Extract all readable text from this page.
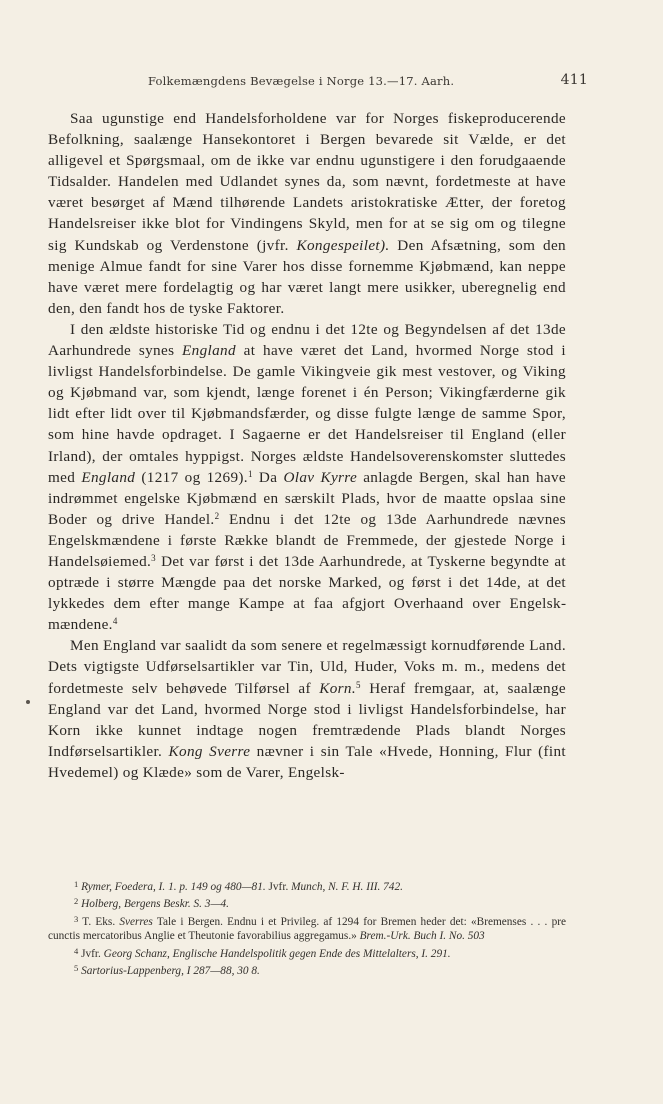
Folkemængdens Bevægelse i Norge 13.—17. Aarh.	411

Saa ugunstige end Handelsforholdene var for Norges fiskeproducerende Befolkning, saalænge Hansekontoret i Bergen bevarede sit Vælde, er det alligevel et Spørgsmaal, om de ikke var endnu ugunstigere i den forudgaaende Tidsalder. Handelen med Udlandet synes da, som nævnt, fordetmeste at have været besørget af Mænd tilhørende Landets aristokratiske Ætter, der foretog Handelsreiser ikke blot for Vindingens Skyld, men for at se sig om og tilegne sig Kundskab og Verdenstone (jvfr. Kongespeilet). Den Afsætning, som den menige Almue fandt for sine Varer hos disse fornemme Kjøbmænd, kan neppe have været mere fordelagtig og har været langt mere usikker, uberegnelig end den, den fandt hos de tyske Faktorer.

I den ældste historiske Tid og endnu i det 12te og Begyndelsen af det 13de Aarhundrede synes England at have været det Land, hvormed Norge stod i livligst Handelsforbindelse. De gamle Vikingveie gik mest vestover, og Viking og Kjøbmand var, som kjendt, længe forenet i én Person; Vikingfærderne gik lidt efter lidt over til Kjøbmandsfærder, og disse fulgte længe de samme Spor, som hine havde opdraget. I Sagaerne er det Handelsreiser til England (eller Irland), der omtales hyppigst. Norges ældste Handelsoverenskomster sluttedes med England (1217 og 1269).$^1$ Da Olav Kyrre anlagde Bergen, skal han have indrømmet engelske Kjøbmænd en særskilt Plads, hvor de maatte opslaa sine Boder og drive Handel.$^2$ Endnu i det 12te og 13de Aarhundrede nævnes Engelskmændene i første Række blandt de Fremmede, der gjestede Norge i Handelsøiemed.$^3$ Det var først i det 13de Aarhundrede, at Tyskerne begyndte at optræde i større Mængde paa det norske Marked, og først i det 14de, at det lykkedes dem efter mange Kampe at faa afgjort Overhaand over Engelskmændene.$^4$

Men England var saalidt da som senere et regelmæssigt kornudførende Land. Dets vigtigste Udførselsartikler var Tin, Uld, Huder, Voks m. m., medens det fordetmeste selv behøvede Tilførsel af Korn.$^5$ Heraf fremgaar, at, saalænge England var det Land, hvormed Norge stod i livligst Handelsforbindelse, har Korn ikke kunnet indtage nogen fremtrædende Plads blandt Norges Indførselsartikler. Kong Sverre nævner i sin Tale «Hvede, Honning, Flur (fint Hvedemel) og Klæde» som de Varer, Engelsk-

$^1$ Rymer, Foedera, I. 1. p. 149 og 480—81. Jvfr. Munch, N. F. H. III. 742.

$^2$ Holberg, Bergens Beskr. S. 3—4.

$^3$ T. Eks. Sverres Tale i Bergen. Endnu i et Privileg. af 1294 for Bremen heder det: «Bremenses . . . pre cunctis mercatoribus Anglie et Theutonie favorabilius aggregamus.» Brem.-Urk. Buch I. No. 503

$^4$ Jvfr. Georg Schanz, Englische Handelspolitik gegen Ende des Mittelalters, I. 291.

$^5$ Sartorius-Lappenberg, I 287—88, 30 8.
